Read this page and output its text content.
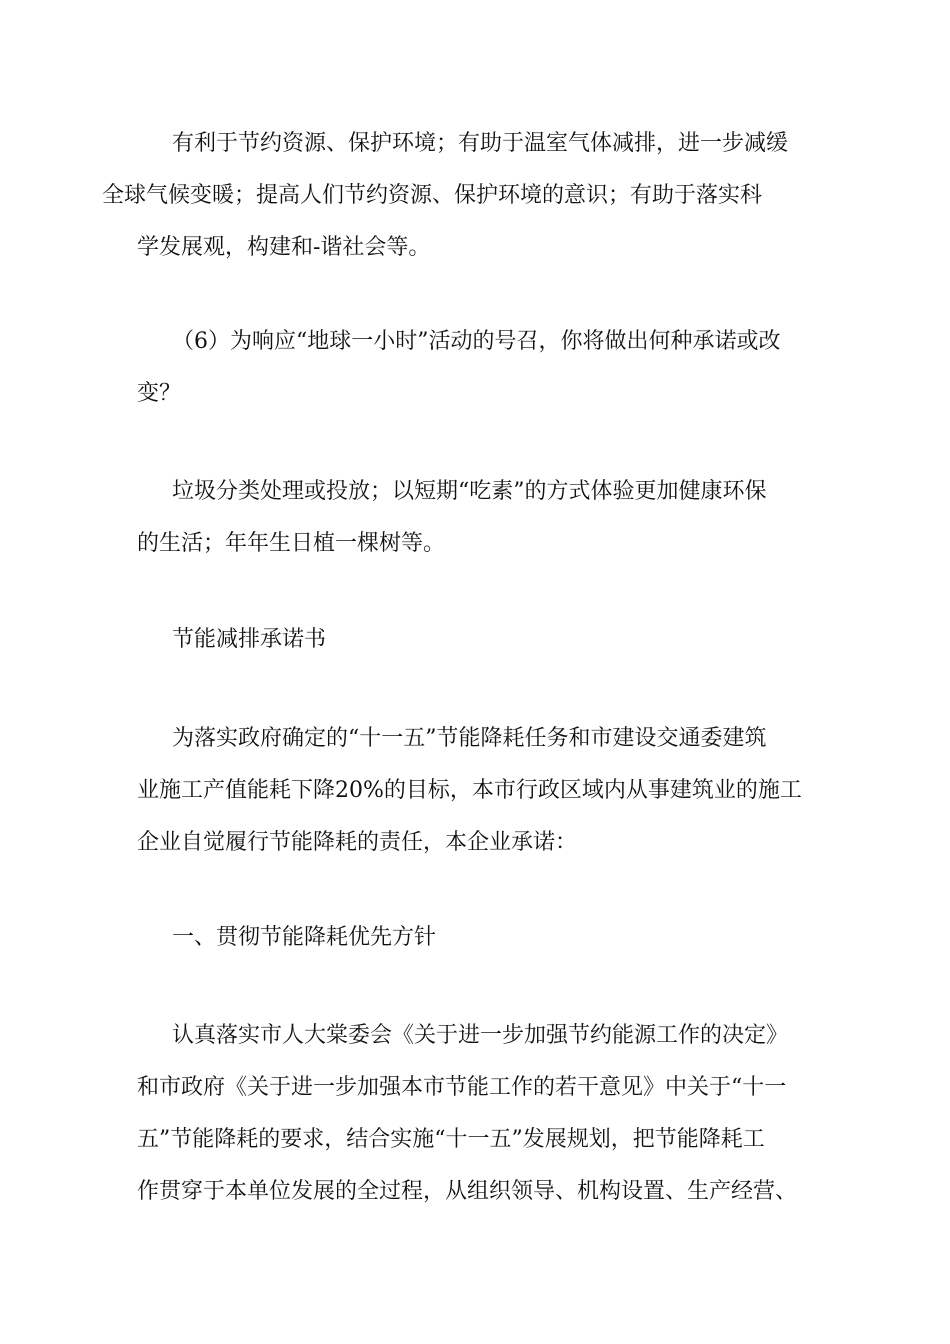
有利于节约资源、保护环境；有助于温室气体减排，进一步减缓
全球气候变暖；提高人们节约资源、保护环境的意识；有助于落实科
学发展观，构建和-谐社会等。
（6）为响应“地球一小时”活动的号召，你将做出何种承诺或改
变？
垃圾分类处理或投放；以短期“吃素”的方式体验更加健康环保
的生活；年年生日植一棵树等。
节能减排承诺书
为落实政府确定的“十一五”节能降耗任务和市建设交通委建筑
业施工产值能耗下降20%的目标，本市行政区域内从事建筑业的施工
企业自觉履行节能降耗的责任，本企业承诺：
一、贯彻节能降耗优先方针
认真落实市人大棠委会《关于进一步加强节约能源工作的决定》
和市政府《关于进一步加强本市节能工作的若干意见》中关于“十一
五”节能降耗的要求，结合实施“十一五”发展规划，把节能降耗工
作贯穿于本单位发展的全过程，从组织领导、机构设置、生产经营、
